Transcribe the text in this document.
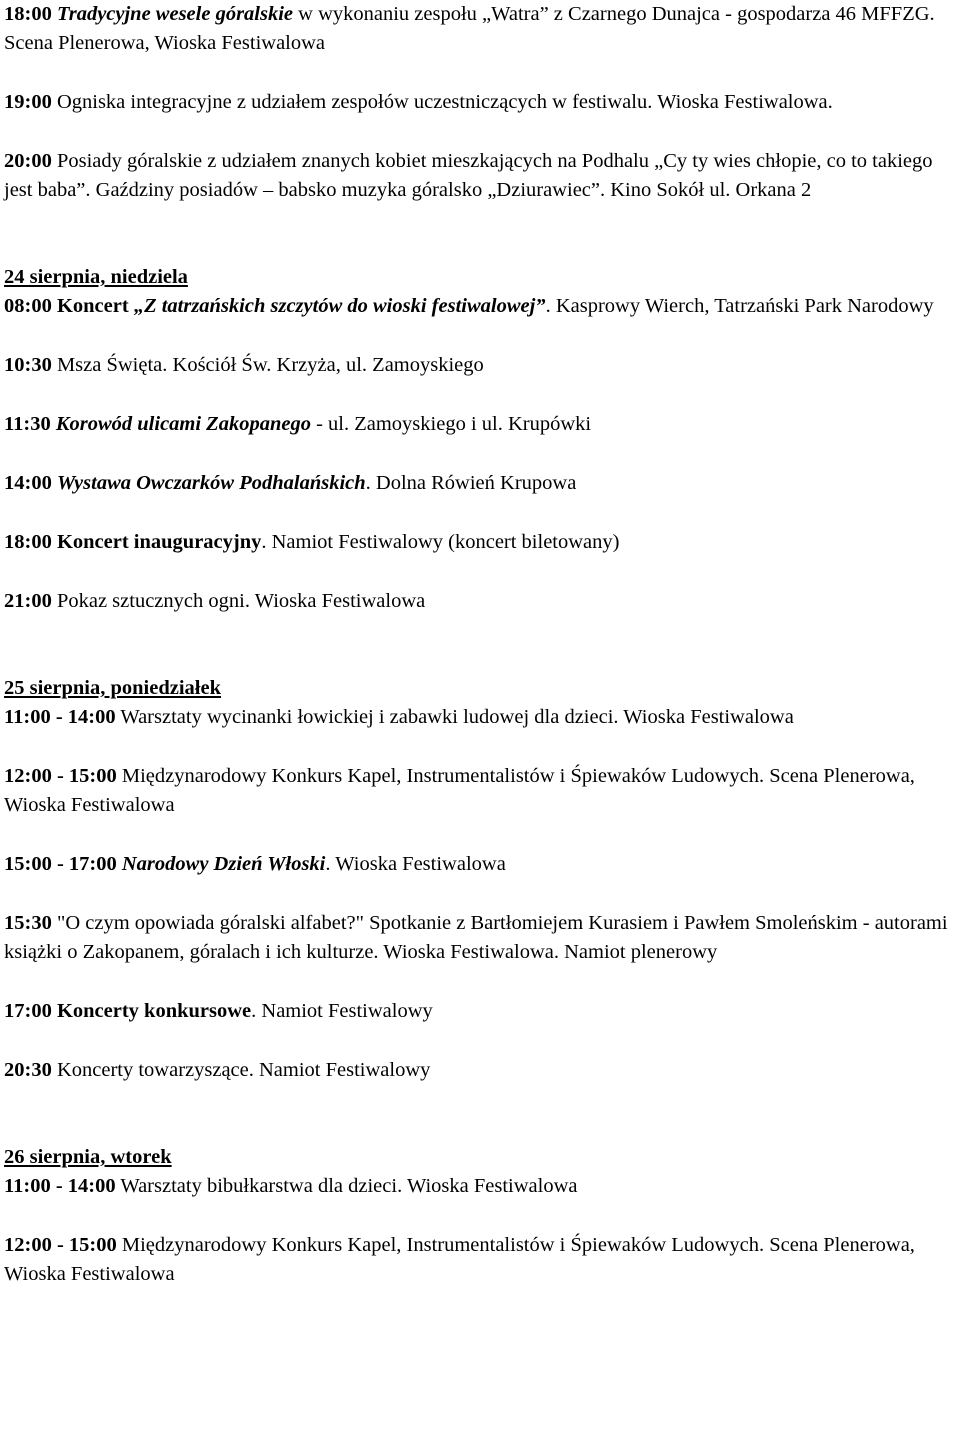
18:00 Tradycyjne wesele góralskie w wykonaniu zespołu „Watra” z Czarnego Dunajca - gospodarza 46 MFFZG. Scena Plenerowa, Wioska Festiwalowa

19:00 Ogniska integracyjne z udziałem zespołów uczestniczących w festiwalu. Wioska Festiwalowa.

20:00 Posiady góralskie z udziałem znanych kobiet mieszkających na Podhalu „Cy ty wies chłopie, co to takiego jest baba”. Gaździny posiadów – babsko muzyka góralsko „Dziurawiec”. Kino Sokół ul. Orkana 2

24 sierpnia, niedziela

08:00 Koncert „Z tatrzańskich szczytów do wioski festiwalowej”. Kasprowy Wierch, Tatrzański Park Narodowy

10:30 Msza Święta. Kościół Św. Krzyża, ul. Zamoyskiego

11:30 Korowód ulicami Zakopanego - ul. Zamoyskiego i ul. Krupówki

14:00 Wystawa Owczarków Podhalańskich. Dolna Rówień Krupowa

18:00 Koncert inauguracyjny. Namiot Festiwalowy (koncert biletowany)

21:00 Pokaz sztucznych ogni. Wioska Festiwalowa

25 sierpnia, poniedziałek

11:00 - 14:00 Warsztaty wycinanki łowickiej i zabawki ludowej dla dzieci. Wioska Festiwalowa

12:00 - 15:00 Międzynarodowy Konkurs Kapel, Instrumentalistów i Śpiewaków Ludowych. Scena Plenerowa, Wioska Festiwalowa

15:00 - 17:00 Narodowy Dzień Włoski. Wioska Festiwalowa

15:30 "O czym opowiada góralski alfabet?" Spotkanie z Bartłomiejem Kurasiem i Pawłem Smoleńskim - autorami książki o Zakopanem, góralach i ich kulturze. Wioska Festiwalowa. Namiot plenerowy

17:00 Koncerty konkursowe. Namiot Festiwalowy

20:30 Koncerty towarzyszące. Namiot Festiwalowy

26 sierpnia, wtorek

11:00 - 14:00 Warsztaty bibułkarstwa dla dzieci. Wioska Festiwalowa

12:00 - 15:00 Międzynarodowy Konkurs Kapel, Instrumentalistów i Śpiewaków Ludowych. Scena Plenerowa, Wioska Festiwalowa
